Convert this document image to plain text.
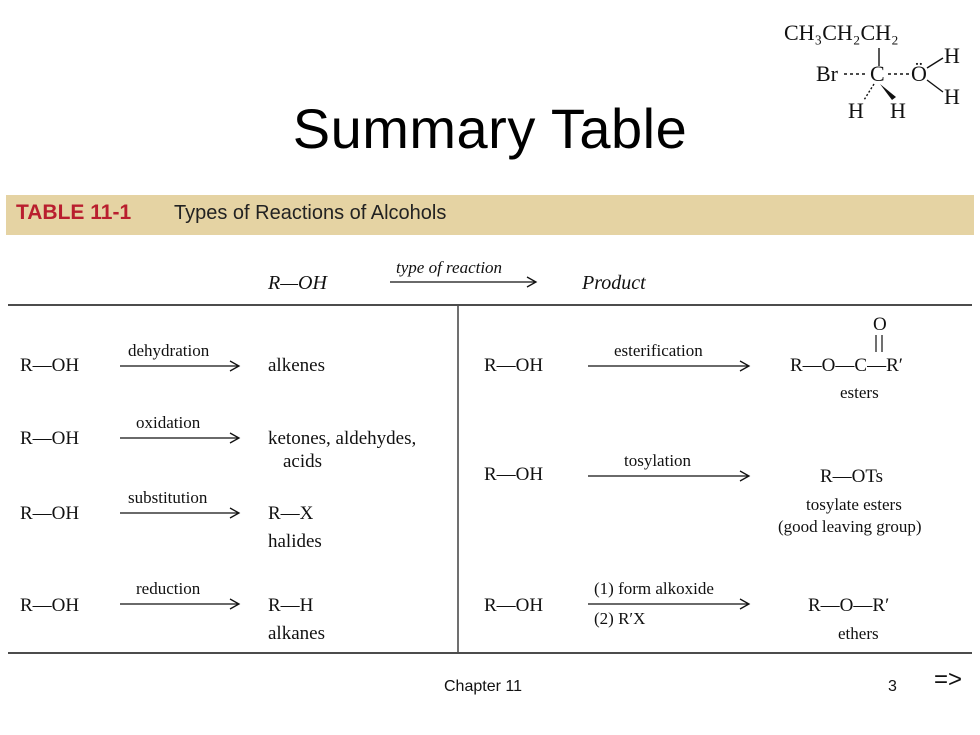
Summary Table
CH₃CH₂CH₂
Br C Ö
H
H
H H
TABLE 11-1 Types of Reactions of Alcohols
R—OH
type of reaction
Product
R—OH
dehydration
alkenes
R—OH
oxidation
ketones, aldehydes,
acids
R—OH
substitution
R—X
halides
R—OH
reduction
R—H
alkanes
R—OH
esterification
O
R—O—C—R′
esters
R—OH
tosylation
R—OTs
tosylate esters
(good leaving group)
R—OH
(1) form alkoxide
(2) R′X
R—O—R′
ethers
Chapter 11	3 =>
